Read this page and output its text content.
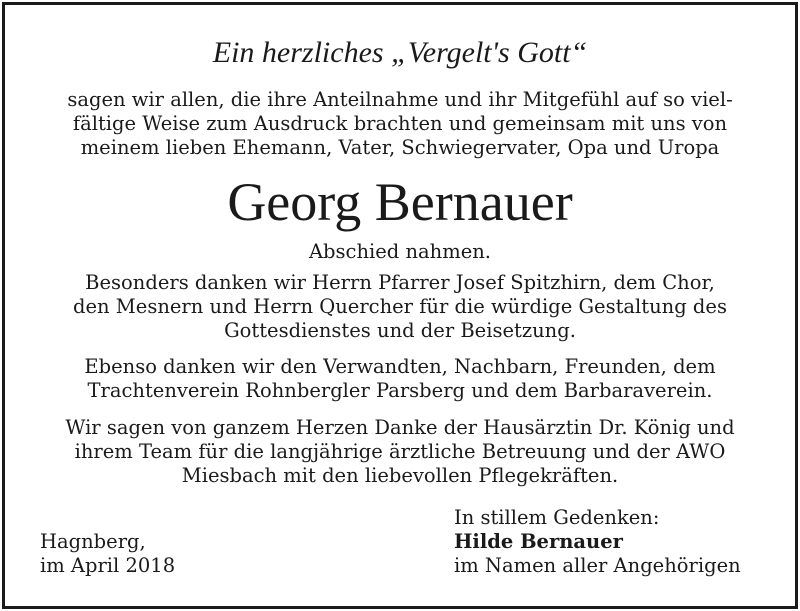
Ein herzliches „Vergelt's Gott“
sagen wir allen, die ihre Anteilnahme und ihr Mitgefühl auf so viel-
fältige Weise zum Ausdruck brachten und gemeinsam mit uns von
meinem lieben Ehemann, Vater, Schwiegervater, Opa und Uropa
Georg Bernauer
Abschied nahmen.
Besonders danken wir Herrn Pfarrer Josef Spitzhirn, dem Chor,
den Mesnern und Herrn Quercher für die würdige Gestaltung des
Gottesdienstes und der Beisetzung.
Ebenso danken wir den Verwandten, Nachbarn, Freunden, dem
Trachtenverein Rohnbergler Parsberg und dem Barbaraverein.
Wir sagen von ganzem Herzen Danke der Hausärztin Dr. König und
ihrem Team für die langjährige ärztliche Betreuung und der AWO
Miesbach mit den liebevollen Pflegekräften.
Hagnberg,
im April 2018
In stillem Gedenken:
Hilde Bernauer
im Namen aller Angehörigen
